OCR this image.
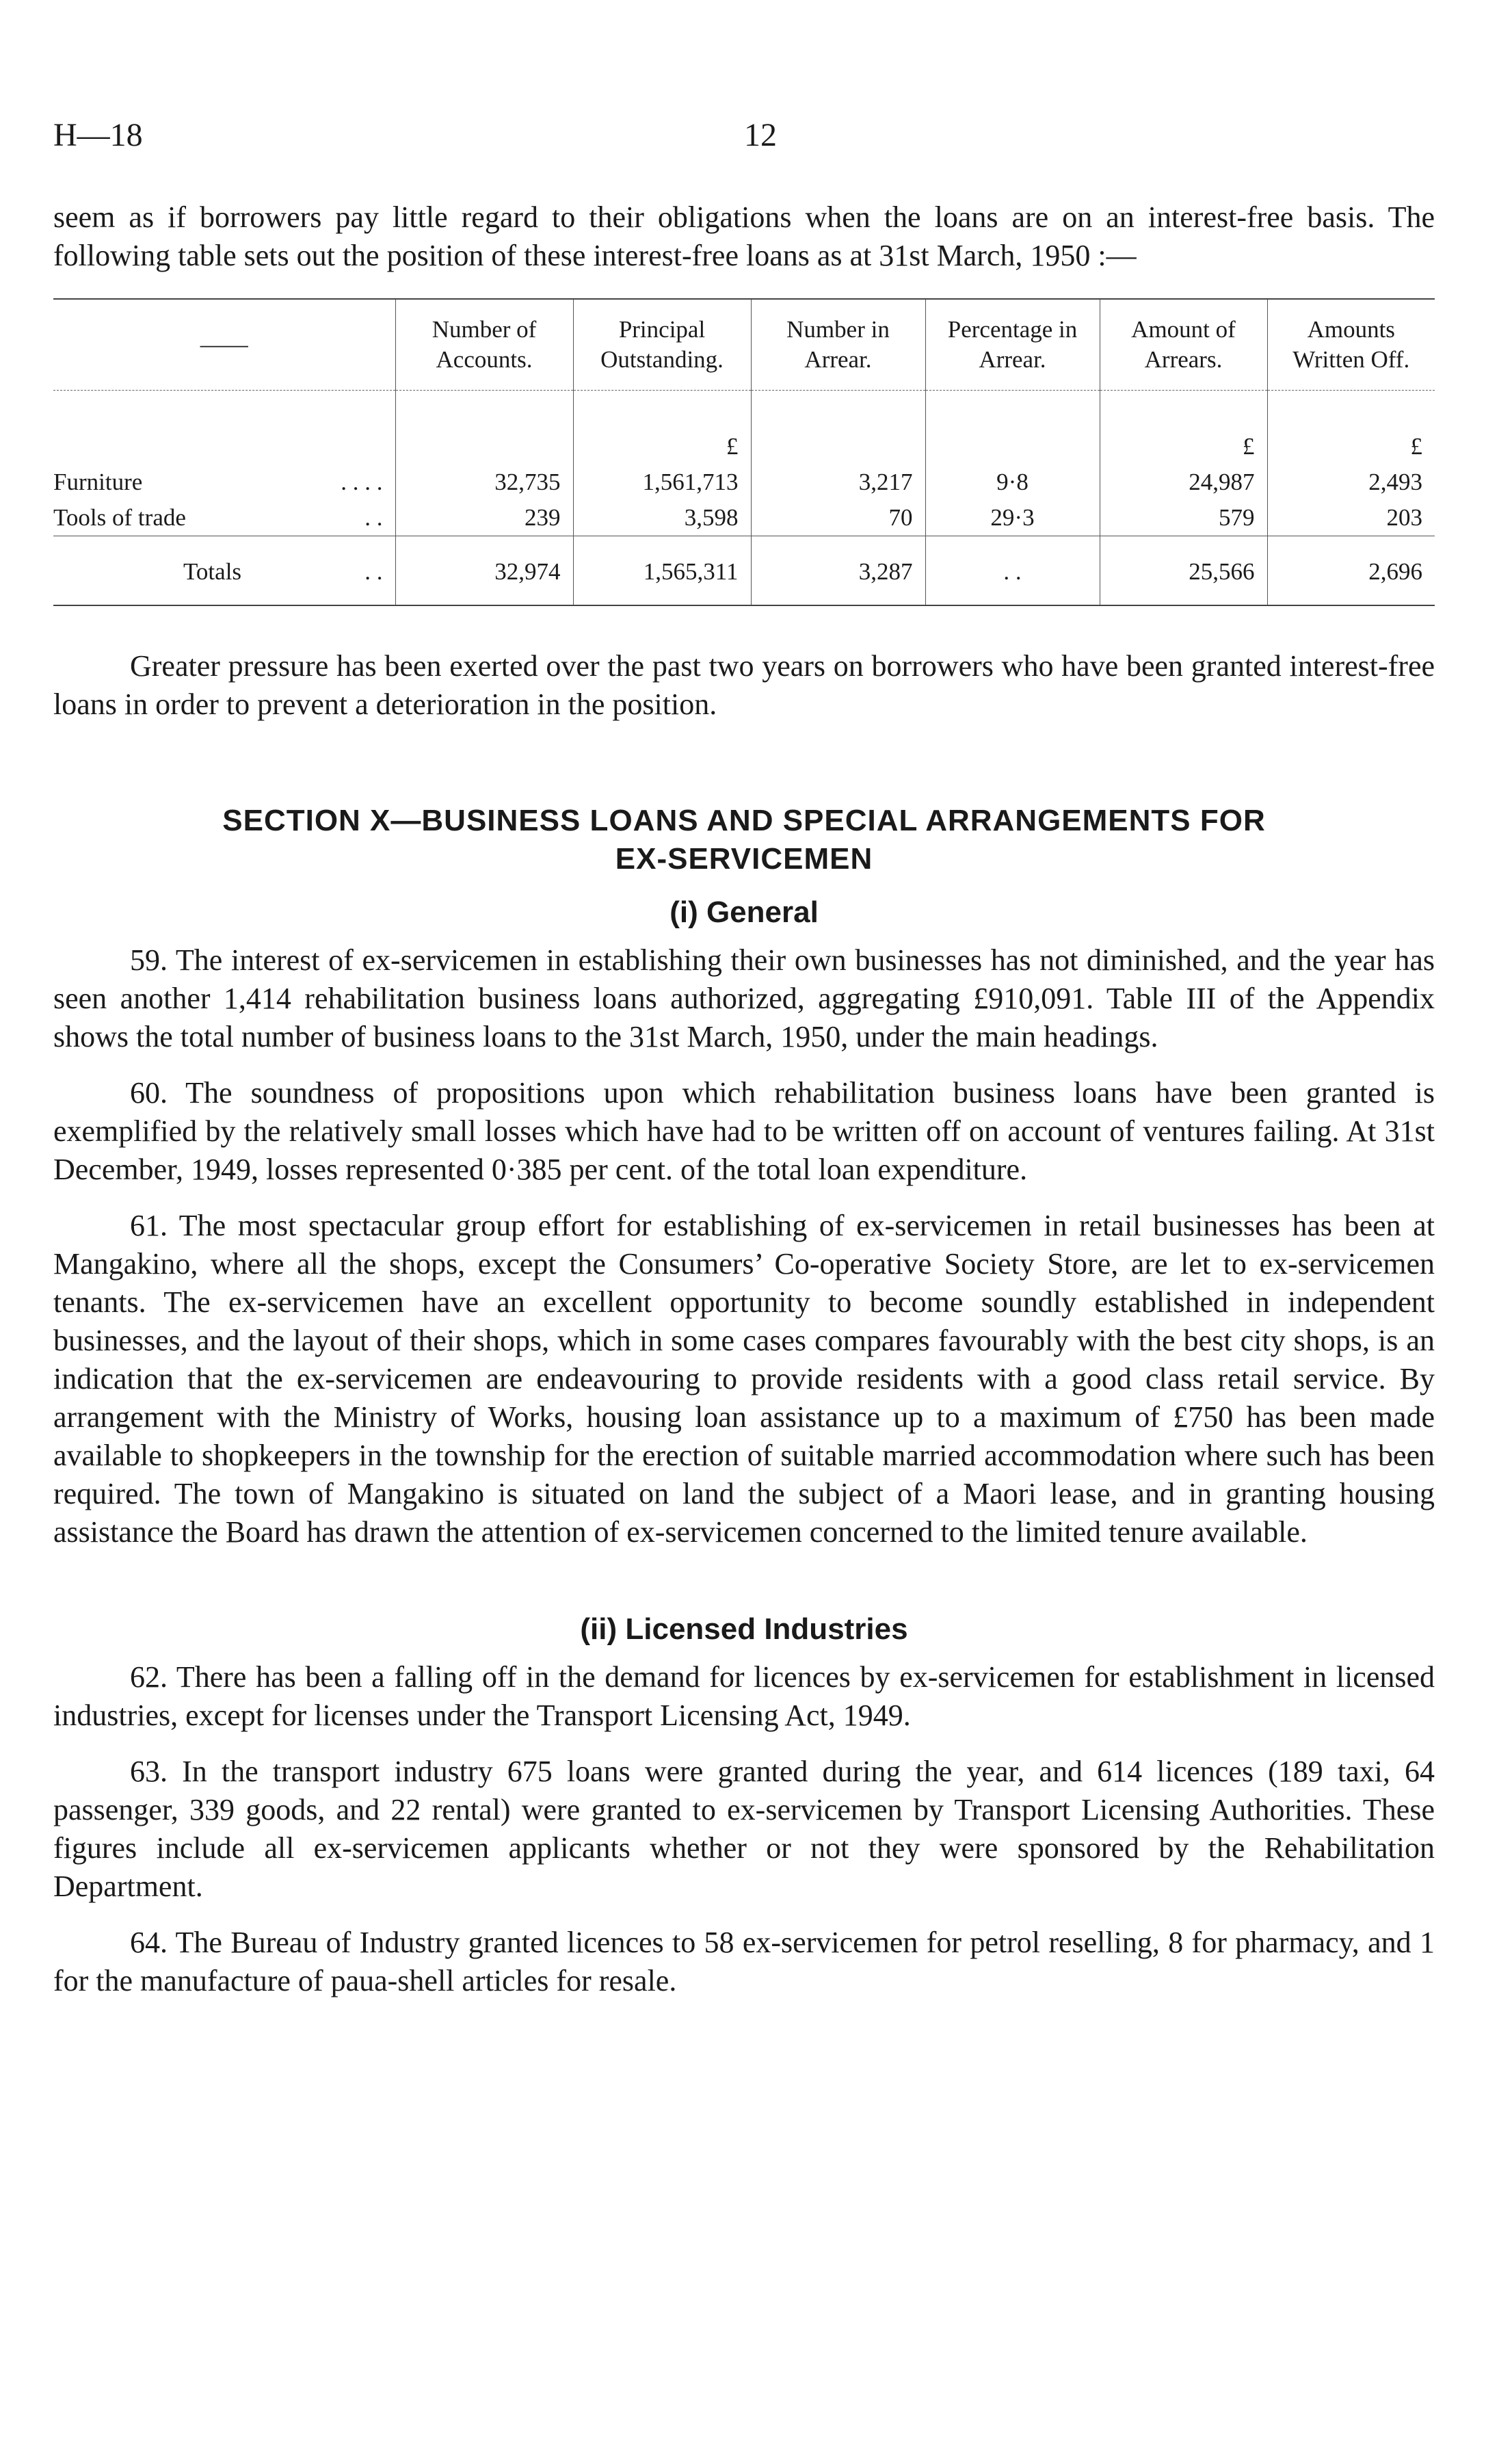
H—18	12

seem as if borrowers pay little regard to their obligations when the loans are on an interest-free basis. The following table sets out the position of these interest-free loans as at 31st March, 1950 :—

——	Number of Accounts.	Principal Outstanding.	Number in Arrear.	Percentage in Arrear.	Amount of Arrears.	Amounts Written Off.
		£			£	£
Furniture . . . .	32,735	1,561,713	3,217	9·8	24,987	2,493
Tools of trade . .	239	3,598	70	29·3	579	203
Totals . .	32,974	1,565,311	3,287	. .	25,566	2,696

Greater pressure has been exerted over the past two years on borrowers who have been granted interest-free loans in order to prevent a deterioration in the position.

SECTION X—BUSINESS LOANS AND SPECIAL ARRANGEMENTS FOR
EX-SERVICEMEN
(i) General

59. The interest of ex-servicemen in establishing their own businesses has not diminished, and the year has seen another 1,414 rehabilitation business loans authorized, aggregating £910,091. Table III of the Appendix shows the total number of business loans to the 31st March, 1950, under the main headings.

60. The soundness of propositions upon which rehabilitation business loans have been granted is exemplified by the relatively small losses which have had to be written off on account of ventures failing. At 31st December, 1949, losses represented 0·385 per cent. of the total loan expenditure.

61. The most spectacular group effort for establishing of ex-servicemen in retail businesses has been at Mangakino, where all the shops, except the Consumers’ Co-operative Society Store, are let to ex-servicemen tenants. The ex-servicemen have an excellent opportunity to become soundly established in independent businesses, and the layout of their shops, which in some cases compares favourably with the best city shops, is an indication that the ex-servicemen are endeavouring to provide residents with a good class retail service. By arrangement with the Ministry of Works, housing loan assistance up to a maximum of £750 has been made available to shopkeepers in the township for the erection of suitable married accommodation where such has been required. The town of Mangakino is situated on land the subject of a Maori lease, and in granting housing assistance the Board has drawn the attention of ex-servicemen concerned to the limited tenure available.

(ii) Licensed Industries

62. There has been a falling off in the demand for licences by ex-servicemen for establishment in licensed industries, except for licenses under the Transport Licensing Act, 1949.

63. In the transport industry 675 loans were granted during the year, and 614 licences (189 taxi, 64 passenger, 339 goods, and 22 rental) were granted to ex-servicemen by Transport Licensing Authorities. These figures include all ex-servicemen applicants whether or not they were sponsored by the Rehabilitation Department.

64. The Bureau of Industry granted licences to 58 ex-servicemen for petrol reselling, 8 for pharmacy, and 1 for the manufacture of paua-shell articles for resale.
